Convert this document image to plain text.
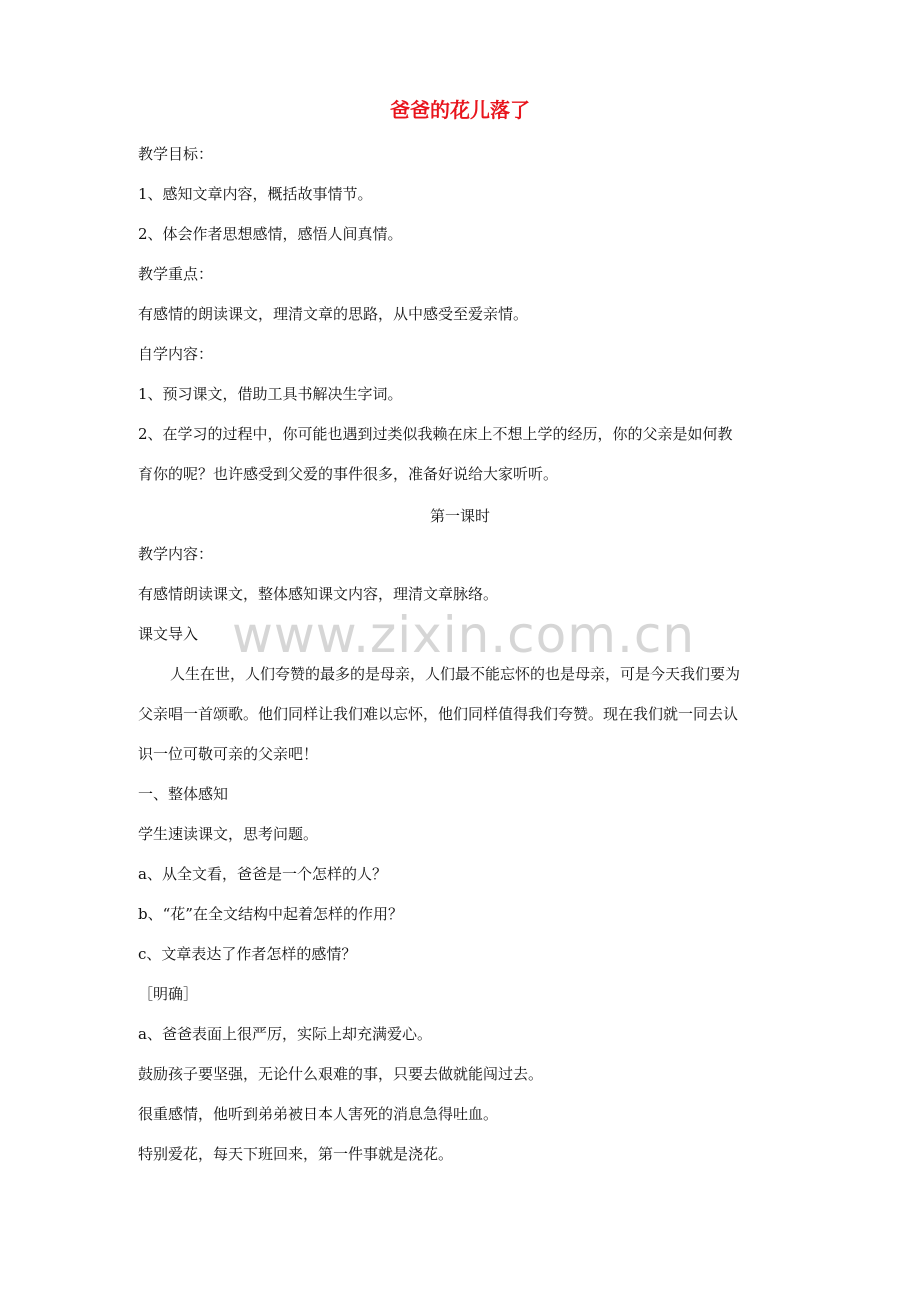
爸爸的花儿落了
教学目标：
1、感知文章内容，概括故事情节。
2、体会作者思想感情，感悟人间真情。
教学重点：
有感情的朗读课文，理清文章的思路，从中感受至爱亲情。
自学内容：
1、预习课文，借助工具书解决生字词。
2、在学习的过程中，你可能也遇到过类似我赖在床上不想上学的经历，你的父亲是如何教
育你的呢？也许感受到父爱的事件很多，准备好说给大家听听。
第一课时
教学内容：
有感情朗读课文，整体感知课文内容，理清文章脉络。
课文导入
人生在世，人们夸赞的最多的是母亲，人们最不能忘怀的也是母亲，可是今天我们要为
父亲唱一首颂歌。他们同样让我们难以忘怀，他们同样值得我们夸赞。现在我们就一同去认
识一位可敬可亲的父亲吧！
一、整体感知
学生速读课文，思考问题。
a、从全文看，爸爸是一个怎样的人？
b、“花”在全文结构中起着怎样的作用？
c、文章表达了作者怎样的感情？
［明确］
a、爸爸表面上很严厉，实际上却充满爱心。
鼓励孩子要坚强，无论什么艰难的事，只要去做就能闯过去。
很重感情，他听到弟弟被日本人害死的消息急得吐血。
特别爱花，每天下班回来，第一件事就是浇花。
www.zixin.com.cn
